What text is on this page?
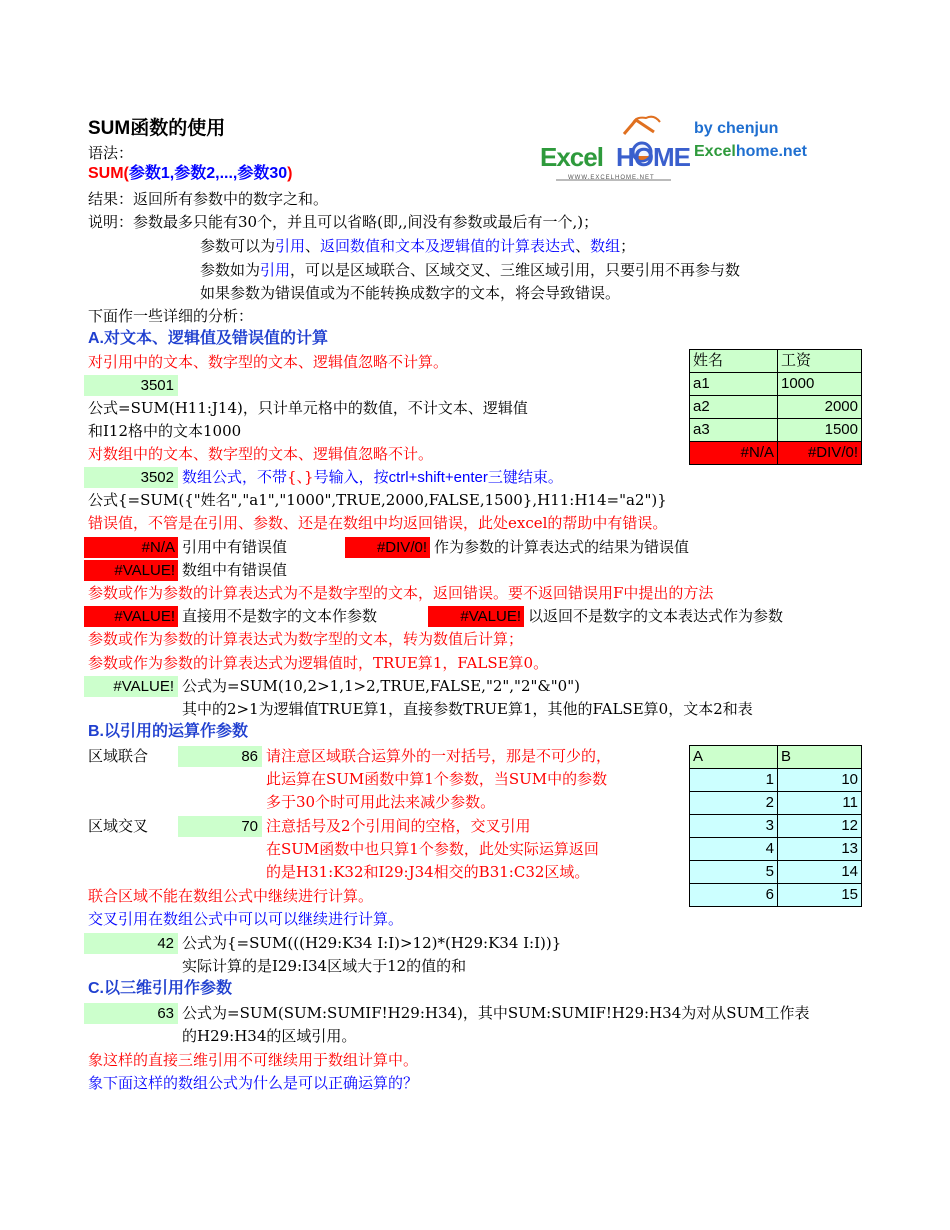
SUM函数的使用
语法：
SUM(参数1,参数2,...,参数30)
结果：返回所有参数中的数字之和。
说明：参数最多只能有30个，并且可以省略(即,,间没有参数或最后有一个,)；
参数可以为引用、返回数值和文本及逻辑值的计算表达式、数组；
参数如为引用，可以是区域联合、区域交叉、三维区域引用，只要引用不再参与数
如果参数为错误值或为不能转换成数字的文本，将会导致错误。
下面作一些详细的分析：
Excel HOME
WWW.EXCELHOME.NET
by chenjun
Excelhome.net
A.对文本、逻辑值及错误值的计算
对引用中的文本、数字型的文本、逻辑值忽略不计算。
3501
公式=SUM(H11:J14)，只计单元格中的数值，不计文本、逻辑值
和I12格中的文本1000
对数组中的文本、数字型的文本、逻辑值忽略不计。
3502 数组公式，不带{、}号输入，按ctrl+shift+enter三键结束。
公式{=SUM({"姓名","a1","1000",TRUE,2000,FALSE,1500},H11:H14="a2")}
错误值，不管是在引用、参数、还是在数组中均返回错误，此处excel的帮助中有错误。
#N/A 引用中有错误值	#DIV/0! 作为参数的计算表达式的结果为错误值
#VALUE! 数组中有错误值
参数或作为参数的计算表达式为不是数字型的文本，返回错误。要不返回错误用F中提出的方法
#VALUE! 直接用不是数字的文本作参数	#VALUE! 以返回不是数字的文本表达式作为参数
参数或作为参数的计算表达式为数字型的文本，转为数值后计算；
参数或作为参数的计算表达式为逻辑值时，TRUE算1，FALSE算0。
#VALUE! 公式为=SUM(10,2>1,1>2,TRUE,FALSE,"2","2"&"0")
其中的2>1为逻辑值TRUE算1，直接参数TRUE算1，其他的FALSE算0，文本2和表
姓名	工资
a1	1000
a2	2000
a3	1500
#N/A	#DIV/0!
B.以引用的运算作参数
区域联合	86 请注意区域联合运算外的一对括号，那是不可少的，
此运算在SUM函数中算1个参数，当SUM中的参数
多于30个时可用此法来减少参数。
区域交叉	70 注意括号及2个引用间的空格，交叉引用
在SUM函数中也只算1个参数，此处实际运算返回
的是H31:K32和I29:J34相交的B31:C32区域。
联合区域不能在数组公式中继续进行计算。
交叉引用在数组公式中可以可以继续进行计算。
42 公式为{=SUM(((H29:K34 I:I)>12)*(H29:K34 I:I))}
实际计算的是I29:I34区域大于12的值的和
A	B
1	10
2	11
3	12
4	13
5	14
6	15
C.以三维引用作参数
63 公式为=SUM(SUM:SUMIF!H29:H34)，其中SUM:SUMIF!H29:H34为对从SUM工作表
的H29:H34的区域引用。
象这样的直接三维引用不可继续用于数组计算中。
象下面这样的数组公式为什么是可以正确运算的？
